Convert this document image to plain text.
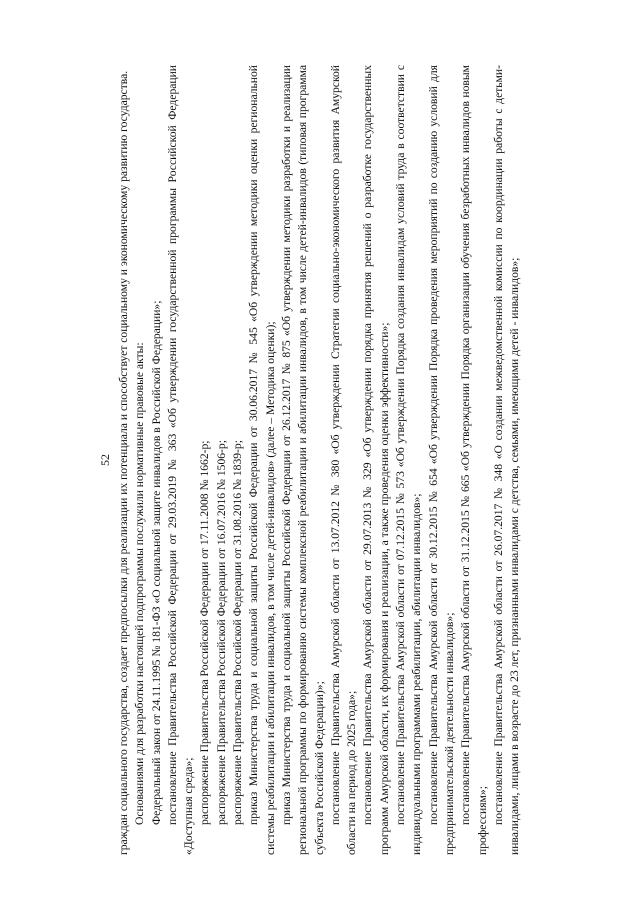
52 граждан социального государства, создает предпосылки для реализации их потенциала и способствует социальному и экономическому развитию государства. Основаниями для разработки настоящей подпрограммы послужили нормативные правовые акты: Федеральный закон от 24.11.1995 № 181-ФЗ «О социальной защите инвалидов в Российской Федерации»; постановление Правительства Российской Федерации от 29.03.2019 № 363 «Об утверждении государственной программы Российской Федерации «Доступная среда»; распоряжение Правительства Российской Федерации от 17.11.2008 № 1662-р; распоряжение Правительства Российской Федерации от 16.07.2016 № 1506-р; распоряжение Правительства Российской Федерации от 31.08.2016 № 1839-р; приказ Министерства труда и социальной защиты Российской Федерации от 30.06.2017 № 545 «Об утверждении методики оценки региональной системы реабилитации и абилитации инвалидов, в том числе детей-инвалидов» (далее – Методика оценки); приказ Министерства труда и социальной защиты Российской Федерации от 26.12.2017 № 875 «Об утверждении методики разработки и реализации региональной программы по формированию системы комплексной реабилитации и абилитации инвалидов, в том числе детей-инвалидов (типовая программа субъекта Российской Федерации)»; постановление Правительства Амурской области от 13.07.2012 № 380 «Об утверждении Стратегии социально-экономического развития Амурской области на период до 2025 года»; постановление Правительства Амурской области от 29.07.2013 № 329 «Об утверждении порядка принятия решений о разработке государственных программ Амурской области, их формирования и реализации, а также проведения оценки эффективности»; постановление Правительства Амурской области от 07.12.2015 № 573 «Об утверждении Порядка создания инвалидам условий труда в соответствии с индивидуальными программами реабилитации, абилитации инвалидов»; постановление Правительства Амурской области от 30.12.2015 № 654 «Об утверждении Порядка проведения мероприятий по созданию условий для предпринимательской деятельности инвалидов»; постановление Правительства Амурской области от 31.12.2015 № 665 «Об утверждении Порядка организации обучения безработных инвалидов новым профессиям»; постановление Правительства Амурской области от 26.07.2017 № 348 «О создании межведомственной комиссии по координации работы с детьми-инвалидами, лицами в возрасте до 23 лет, признанными инвалидами с детства, семьями, имеющими детей - инвалидов»;
